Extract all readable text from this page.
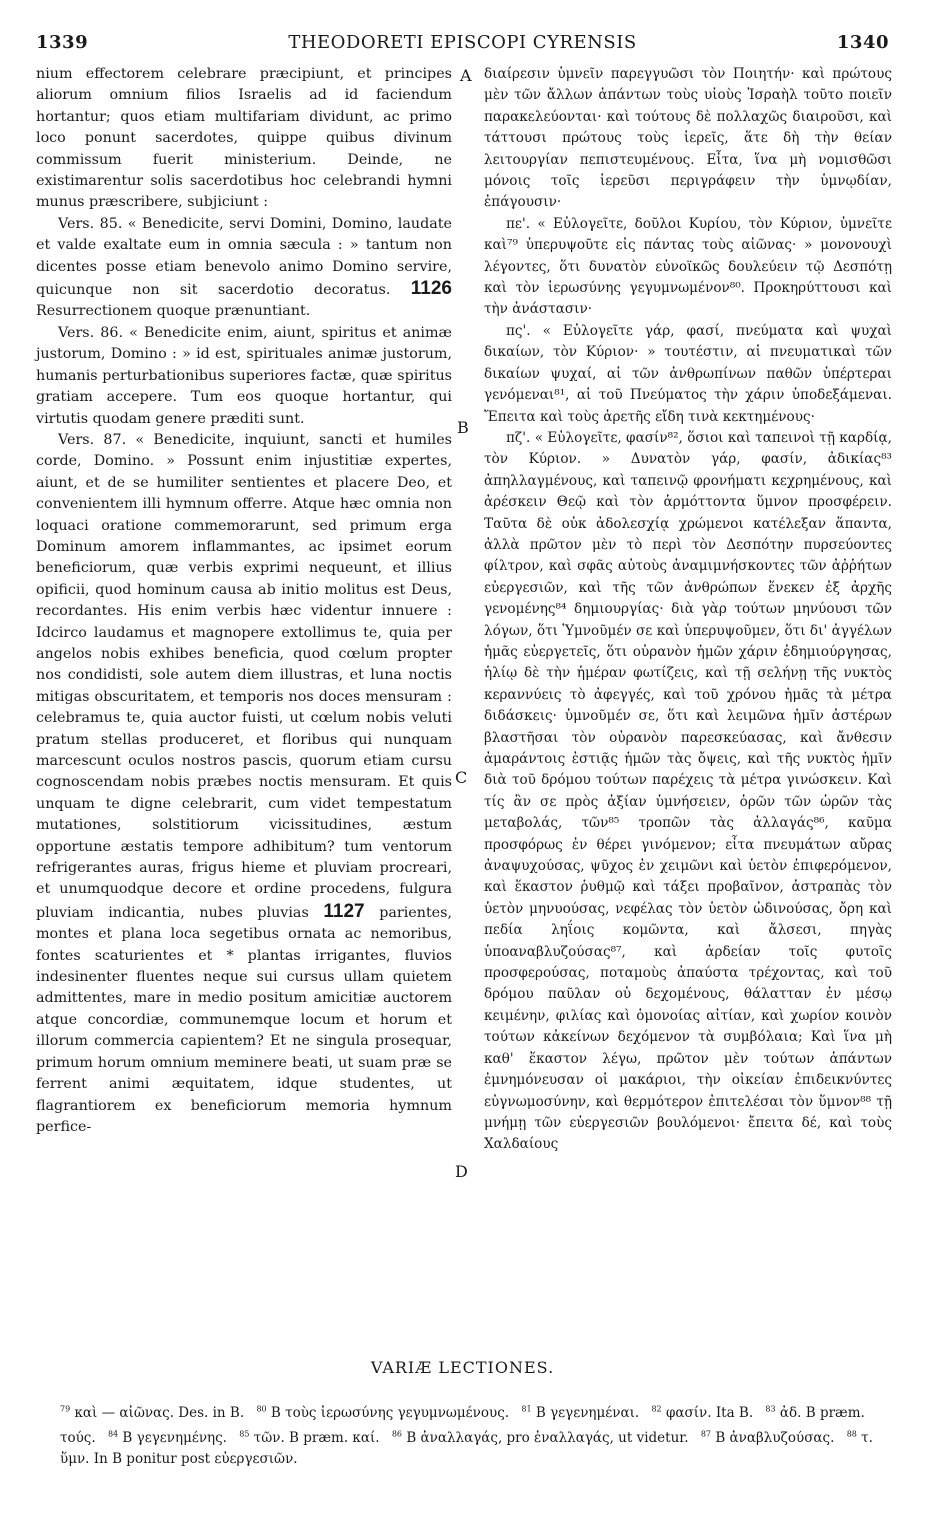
1339	THEODORETI EPISCOPI CYRENSIS	1340

nium effectorem celebrare præcipiunt, et principes aliorum omnium filios Israelis ad id faciendum hortantur; quos etiam multifariam dividunt, ac primo loco ponunt sacerdotes, quippe quibus divinum commissum fuerit ministerium. Deinde, ne existimarentur solis sacerdotibus hoc celebrandi hymni munus præscribere, subjiciunt :

Vers. 85. « Benedicite, servi Domini, Domino, laudate et valde exaltate eum in omnia sæcula : » tantum non dicentes posse etiam benevolo animo Domino servire, quicunque non sit sacerdotio decoratus. 1126 Resurrectionem quoque prænuntiant.

Vers. 86. « Benedicite enim, aiunt, spiritus et animæ justorum, Domino : » id est, spirituales animæ justorum, humanis perturbationibus superiores factæ, quæ spiritus gratiam accepere. Tum eos quoque hortantur, qui virtutis quodam genere præditi sunt.

Vers. 87. « Benedicite, inquiunt, sancti et humiles corde, Domino. » Possunt enim injustitiæ expertes, aiunt, et de se humiliter sentientes et placere Deo, et convenientem illi hymnum offerre. Atque hæc omnia non loquaci oratione commemorarunt, sed primum erga Dominum amorem inflammantes, ac ipsimet eorum beneficiorum, quæ verbis exprimi nequeunt, et illius opificii, quod hominum causa ab initio molitus est Deus, recordantes. His enim verbis hæc videntur innuere : Idcirco laudamus et magnopere extollimus te, quia per angelos nobis exhibes beneficia, quod cœlum propter nos condidisti, sole autem diem illustras, et luna noctis mitigas obscuritatem, et temporis nos doces mensuram : celebramus te, quia auctor fuisti, ut cœlum nobis veluti pratum stellas produceret, et floribus qui nunquam marcescunt oculos nostros pascis, quorum etiam cursu cognoscendam nobis præbes noctis mensuram. Et quis unquam te digne celebrarit, cum videt tempestatum mutationes, solstitiorum vicissitudines, æstum opportune æstatis tempore adhibitum? tum ventorum refrigerantes auras, frigus hieme et pluviam procreari, et unumquodque decore et ordine procedens, fulgura pluviam indicantia, nubes pluvias 1127 parientes, montes et plana loca segetibus ornata ac nemoribus, fontes scaturientes et * plantas irrigantes, fluvios indesinenter fluentes neque sui cursus ullam quietem admittentes, mare in medio positum amicitiæ auctorem atque concordiæ, communemque locum et horum et illorum commercia capientem? Et ne singula prosequar, primum horum omnium meminere beati, ut suam præ se ferrent animi æquitatem, idque studentes, ut flagrantiorem ex beneficiorum memoria hymnum perfice-

A
B
C
D

διαίρεσιν ὑμνεῖν παρεγγυῶσι τὸν Ποιητήν· καὶ πρώτους μὲν τῶν ἄλλων ἁπάντων τοὺς υἱοὺς Ἰσραὴλ τοῦτο ποιεῖν παρακελεύονται· καὶ τούτους δὲ πολλαχῶς διαιροῦσι, καὶ τάττουσι πρώτους τοὺς ἱερεῖς, ἅτε δὴ τὴν θείαν λειτουργίαν πεπιστευμένους. Εἶτα, ἵνα μὴ νομισθῶσι μόνοις τοῖς ἱερεῦσι περιγράφειν τὴν ὑμνῳδίαν, ἐπάγουσιν·

πε'. « Εὐλογεῖτε, δοῦλοι Κυρίου, τὸν Κύριον, ὑμνεῖτε καὶ⁷⁹ ὑπερυψοῦτε εἰς πάντας τοὺς αἰῶνας· » μονονουχὶ λέγοντες, ὅτι δυνατὸν εὐνοϊκῶς δουλεύειν τῷ Δεσπότῃ καὶ τὸν ἱερωσύνης γεγυμνωμένον⁸⁰. Προκηρύττουσι καὶ τὴν ἀνάστασιν·

πς'. « Εὐλογεῖτε γάρ, φασί, πνεύματα καὶ ψυχαὶ δικαίων, τὸν Κύριον· » τουτέστιν, αἱ πνευματικαὶ τῶν δικαίων ψυχαί, αἱ τῶν ἀνθρωπίνων παθῶν ὑπέρτεραι γενόμεναι⁸¹, αἱ τοῦ Πνεύματος τὴν χάριν ὑποδεξάμεναι. Ἔπειτα καὶ τοὺς ἀρετῆς εἴδη τινὰ κεκτημένους·

πζ'. « Εὐλογεῖτε, φασίν⁸², ὅσιοι καὶ ταπεινοὶ τῇ καρδίᾳ, τὸν Κύριον. » Δυνατὸν γάρ, φασίν, ἀδικίας⁸³ ἀπηλλαγμένους, καὶ ταπεινῷ φρονήματι κεχρημένους, καὶ ἀρέσκειν Θεῷ καὶ τὸν ἁρμόττοντα ὕμνον προσφέρειν. Ταῦτα δὲ οὐκ ἀδολεσχίᾳ χρώμενοι κατέλεξαν ἅπαντα, ἀλλὰ πρῶτον μὲν τὸ περὶ τὸν Δεσπότην πυρσεύοντες φίλτρον, καὶ σφᾶς αὐτοὺς ἀναμιμνήσκοντες τῶν ἀῤῥήτων εὐεργεσιῶν, καὶ τῆς τῶν ἀνθρώπων ἕνεκεν ἐξ ἀρχῆς γενομένης⁸⁴ δημιουργίας· διὰ γὰρ τούτων μηνύουσι τῶν λόγων, ὅτι Ὑμνοῦμέν σε καὶ ὑπερυψοῦμεν, ὅτι δι' ἀγγέλων ἡμᾶς εὐεργετεῖς, ὅτι οὐρανὸν ἡμῶν χάριν ἐδημιούργησας, ἡλίῳ δὲ τὴν ἡμέραν φωτίζεις, καὶ τῇ σελήνῃ τῆς νυκτὸς κεραννύεις τὸ ἀφεγγές, καὶ τοῦ χρόνου ἡμᾶς τὰ μέτρα διδάσκεις· ὑμνοῦμέν σε, ὅτι καὶ λειμῶνα ἡμῖν ἀστέρων βλαστῆσαι τὸν οὐρανὸν παρεσκεύασας, καὶ ἄνθεσιν ἀμαράντοις ἑστιᾷς ἡμῶν τὰς ὄψεις, καὶ τῆς νυκτὸς ἡμῖν διὰ τοῦ δρόμου τούτων παρέχεις τὰ μέτρα γινώσκειν. Καὶ τίς ἂν σε πρὸς ἀξίαν ὑμνήσειεν, ὁρῶν τῶν ὡρῶν τὰς μεταβολάς, τῶν⁸⁵ τροπῶν τὰς ἀλλαγάς⁸⁶, καῦμα προσφόρως ἐν θέρει γινόμενον; εἶτα πνευμάτων αὔρας ἀναψυχούσας, ψῦχος ἐν χειμῶνι καὶ ὑετὸν ἐπιφερόμενον, καὶ ἕκαστον ῥυθμῷ καὶ τάξει προβαῖνον, ἀστραπὰς τὸν ὑετὸν μηνυούσας, νεφέλας τὸν ὑετὸν ὠδινούσας, ὄρη καὶ πεδία ληΐοις κομῶντα, καὶ ἄλσεσι, πηγὰς ὑποαναβλυζούσας⁸⁷, καὶ ἀρδείαν τοῖς φυτοῖς προσφερούσας, ποταμοὺς ἀπαύστα τρέχοντας, καὶ τοῦ δρόμου παῦλαν οὐ δεχομένους, θάλατταν ἐν μέσῳ κειμένην, φιλίας καὶ ὁμονοίας αἰτίαν, καὶ χωρίον κοινὸν τούτων κἀκείνων δεχόμενον τὰ συμβόλαια; Καὶ ἵνα μὴ καθ' ἕκαστον λέγω, πρῶτον μὲν τούτων ἁπάντων ἐμνημόνευσαν οἱ μακάριοι, τὴν οἰκείαν ἐπιδεικνύντες εὐγνωμοσύνην, καὶ θερμότερον ἐπιτελέσαι τὸν ὕμνον⁸⁸ τῇ μνήμῃ τῶν εὐεργεσιῶν βουλόμενοι· ἔπειτα δέ, καὶ τοὺς Χαλδαίους

VARIÆ LECTIONES.
$^{79}$ καὶ — αἰῶνας. Des. in B. $^{80}$ B τοὺς ἱερωσύνης γεγυμνωμένους. $^{81}$ B γεγενημέναι. $^{82}$ φασίν. Ita B. $^{83}$ ἀδ. B præm. τούς. $^{84}$ B γεγενημένης. $^{85}$ τῶν. B præm. καί. $^{86}$ B ἀναλλαγάς, pro ἐναλλαγάς, ut videtur. $^{87}$ B ἀναβλυζούσας. $^{88}$ τ. ὕμν. In B ponitur post εὐεργεσιῶν.
